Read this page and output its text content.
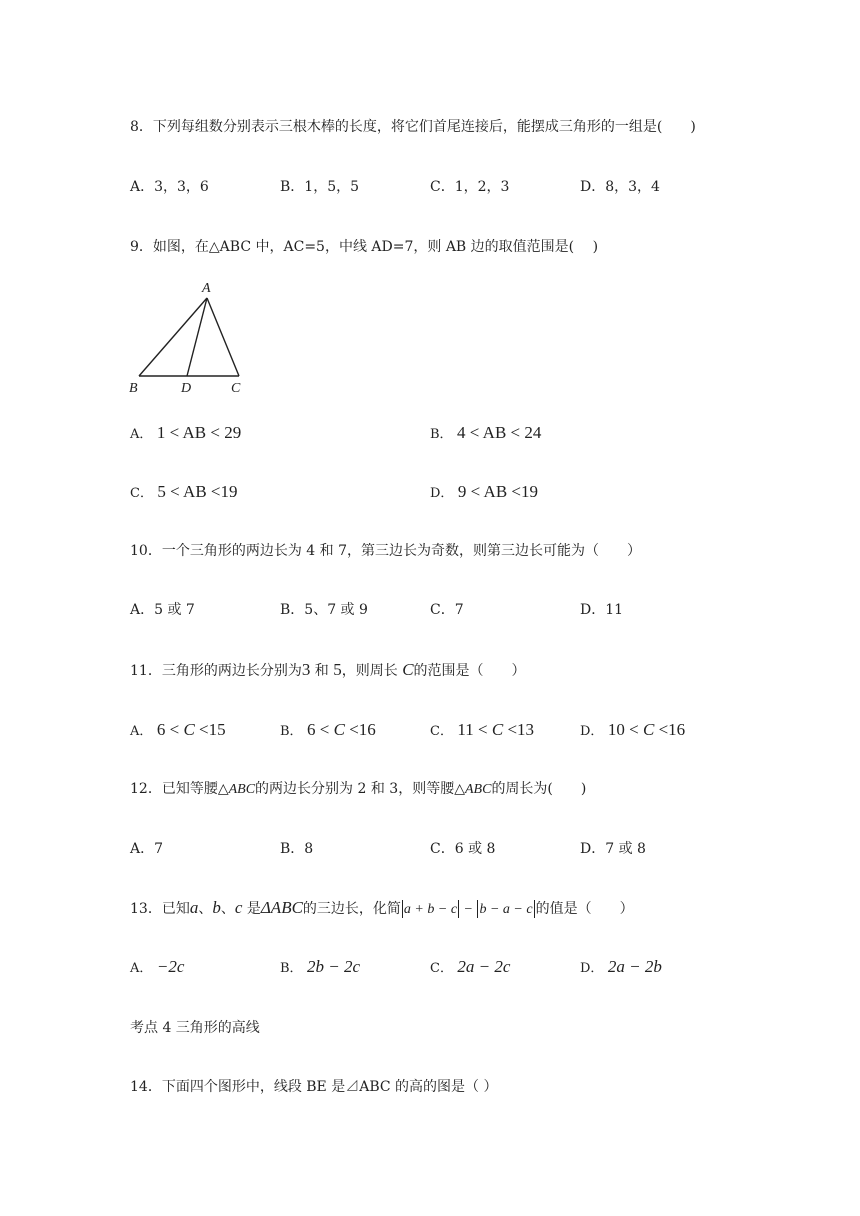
8．下列每组数分别表示三根木棒的长度，将它们首尾连接后，能摆成三角形的一组是(　　)
A．3，3，6	B．1，5，5	C．1，2，3	D．8，3，4
9．如图，在△ABC 中，AC=5，中线 AD=7，则 AB 边的取值范围是(　 )
A
B	D	C
A． 1 < AB < 29	B． 4 < AB < 24
C． 5 < AB <19	D． 9 < AB <19
10．一个三角形的两边长为 4 和 7，第三边长为奇数，则第三边长可能为（　　）
A．5 或 7	B．5、7 或 9	C．7	D．11
11．三角形的两边长分别为3 和 5，则周长 C的范围是（　　）
A． 6 < C <15	B． 6 < C <16	C． 11 < C <13	D． 10 < C <16
12．已知等腰△ABC的两边长分别为 2 和 3，则等腰△ABC的周长为(　　)
A．7	B．8	C．6 或 8	D．7 或 8
13．已知a、b、c 是ΔABC的三边长，化简 a + b − c − b − a − c 的值是（　　）
A． −2c	B． 2b − 2c	C． 2a − 2c	D． 2a − 2b
考点 4 三角形的高线
14．下面四个图形中，线段 BE 是⊿ABC 的高的图是（ ）
